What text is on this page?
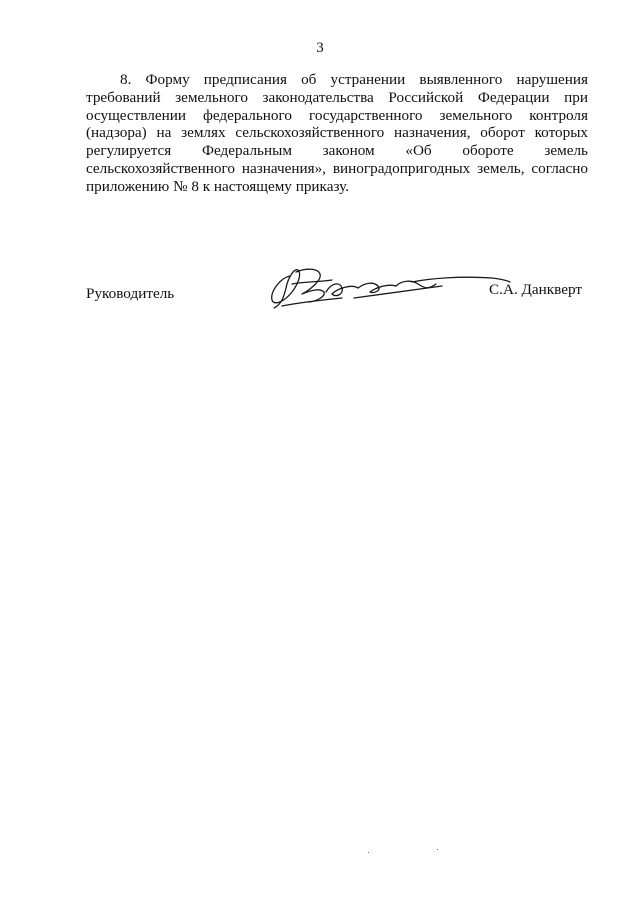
3
8. Форму предписания об устранении выявленного нарушения
требований земельного законодательства Российской Федерации при
осуществлении федерального государственного земельного контроля
(надзора) на землях сельскохозяйственного назначения, оборот которых
регулируется Федеральным законом «Об обороте земель
сельскохозяйственного назначения», виноградопригодных земель, согласно
приложению № 8 к настоящему приказу.
Руководитель	С.А. Данкверт
